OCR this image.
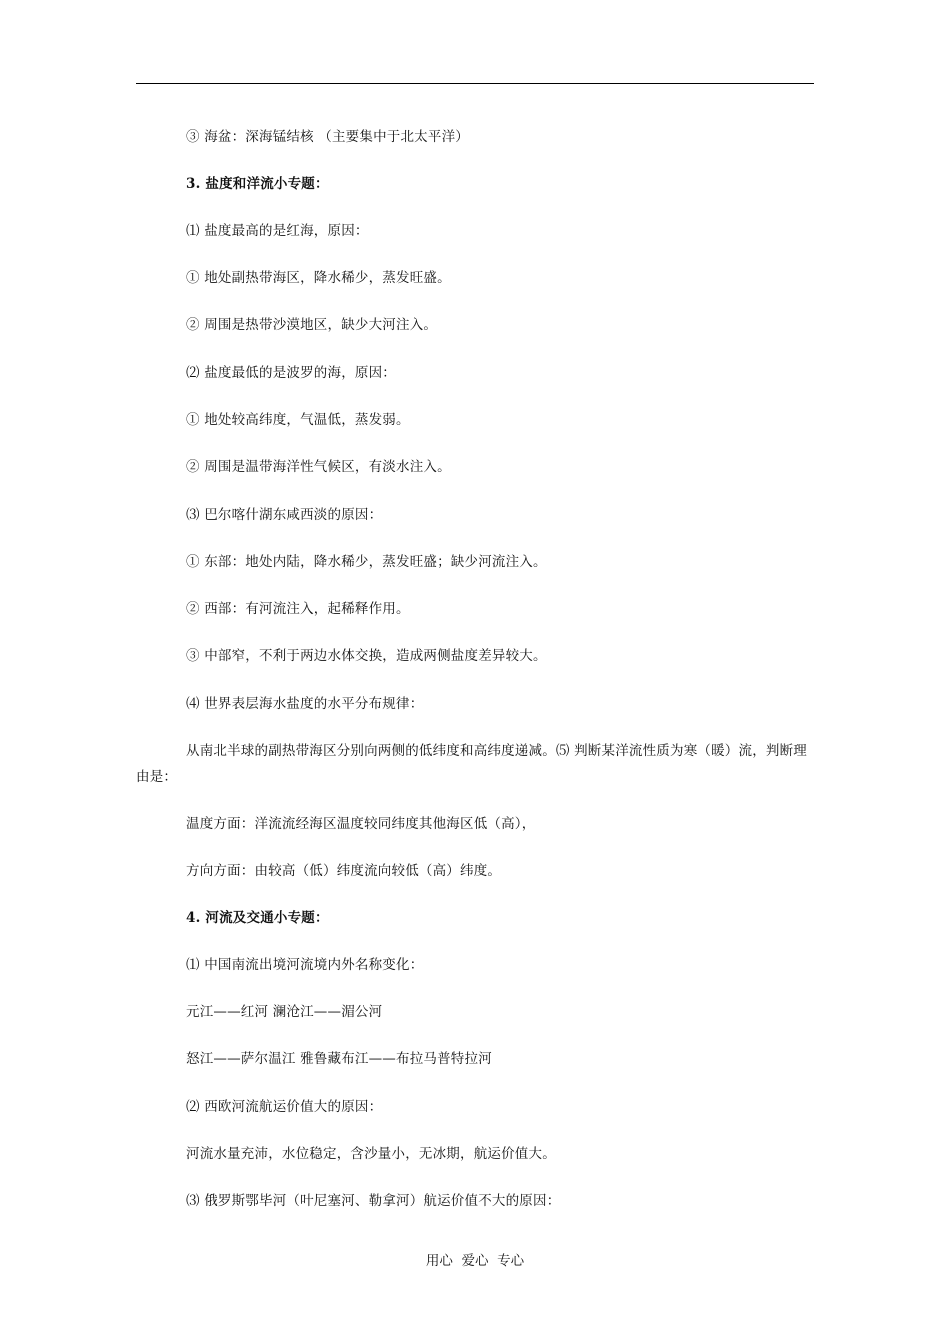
③ 海盆：深海锰结核 （主要集中于北太平洋）
3. 盐度和洋流小专题：
⑴ 盐度最高的是红海，原因：
① 地处副热带海区，降水稀少，蒸发旺盛。
② 周围是热带沙漠地区，缺少大河注入。
⑵ 盐度最低的是波罗的海，原因：
① 地处较高纬度，气温低，蒸发弱。
② 周围是温带海洋性气候区，有淡水注入。
⑶ 巴尔喀什湖东咸西淡的原因：
① 东部：地处内陆，降水稀少，蒸发旺盛；缺少河流注入。
② 西部：有河流注入，起稀释作用。
③ 中部窄，不利于两边水体交换，造成两侧盐度差异较大。
⑷ 世界表层海水盐度的水平分布规律：
从南北半球的副热带海区分别向两侧的低纬度和高纬度递减。⑸ 判断某洋流性质为寒（暖）流，判断理由是：
温度方面：洋流流经海区温度较同纬度其他海区低（高），
方向方面：由较高（低）纬度流向较低（高）纬度。
4. 河流及交通小专题：
⑴ 中国南流出境河流境内外名称变化：
元江——红河 澜沧江——湄公河
怒江——萨尔温江 雅鲁藏布江——布拉马普特拉河
⑵ 西欧河流航运价值大的原因：
河流水量充沛，水位稳定，含沙量小，无冰期，航运价值大。
⑶ 俄罗斯鄂毕河（叶尼塞河、勒拿河）航运价值不大的原因：
用心  爱心  专心
